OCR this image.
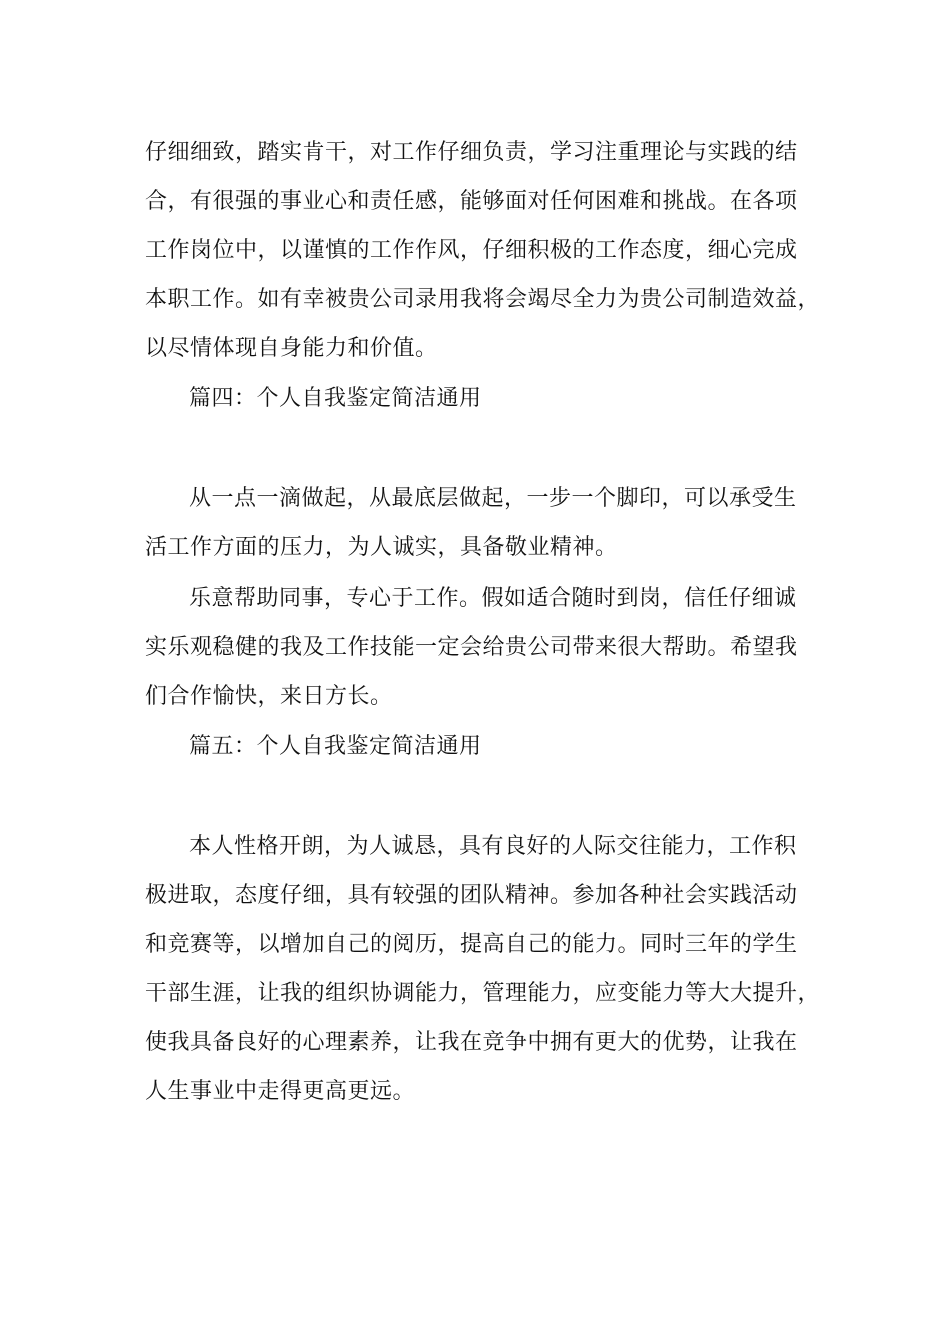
仔细细致，踏实肯干，对工作仔细负责，学习注重理论与实践的结
合，有很强的事业心和责任感，能够面对任何困难和挑战。在各项
工作岗位中，以谨慎的工作作风，仔细积极的工作态度，细心完成
本职工作。如有幸被贵公司录用我将会竭尽全力为贵公司制造效益，
以尽情体现自身能力和价值。
篇四：个人自我鉴定简洁通用
从一点一滴做起，从最底层做起，一步一个脚印，可以承受生
活工作方面的压力，为人诚实，具备敬业精神。
乐意帮助同事，专心于工作。假如适合随时到岗，信任仔细诚
实乐观稳健的我及工作技能一定会给贵公司带来很大帮助。希望我
们合作愉快，来日方长。
篇五：个人自我鉴定简洁通用
本人性格开朗，为人诚恳，具有良好的人际交往能力，工作积
极进取，态度仔细，具有较强的团队精神。参加各种社会实践活动
和竞赛等，以增加自己的阅历，提高自己的能力。同时三年的学生
干部生涯，让我的组织协调能力，管理能力，应变能力等大大提升，
使我具备良好的心理素养，让我在竞争中拥有更大的优势，让我在
人生事业中走得更高更远。
